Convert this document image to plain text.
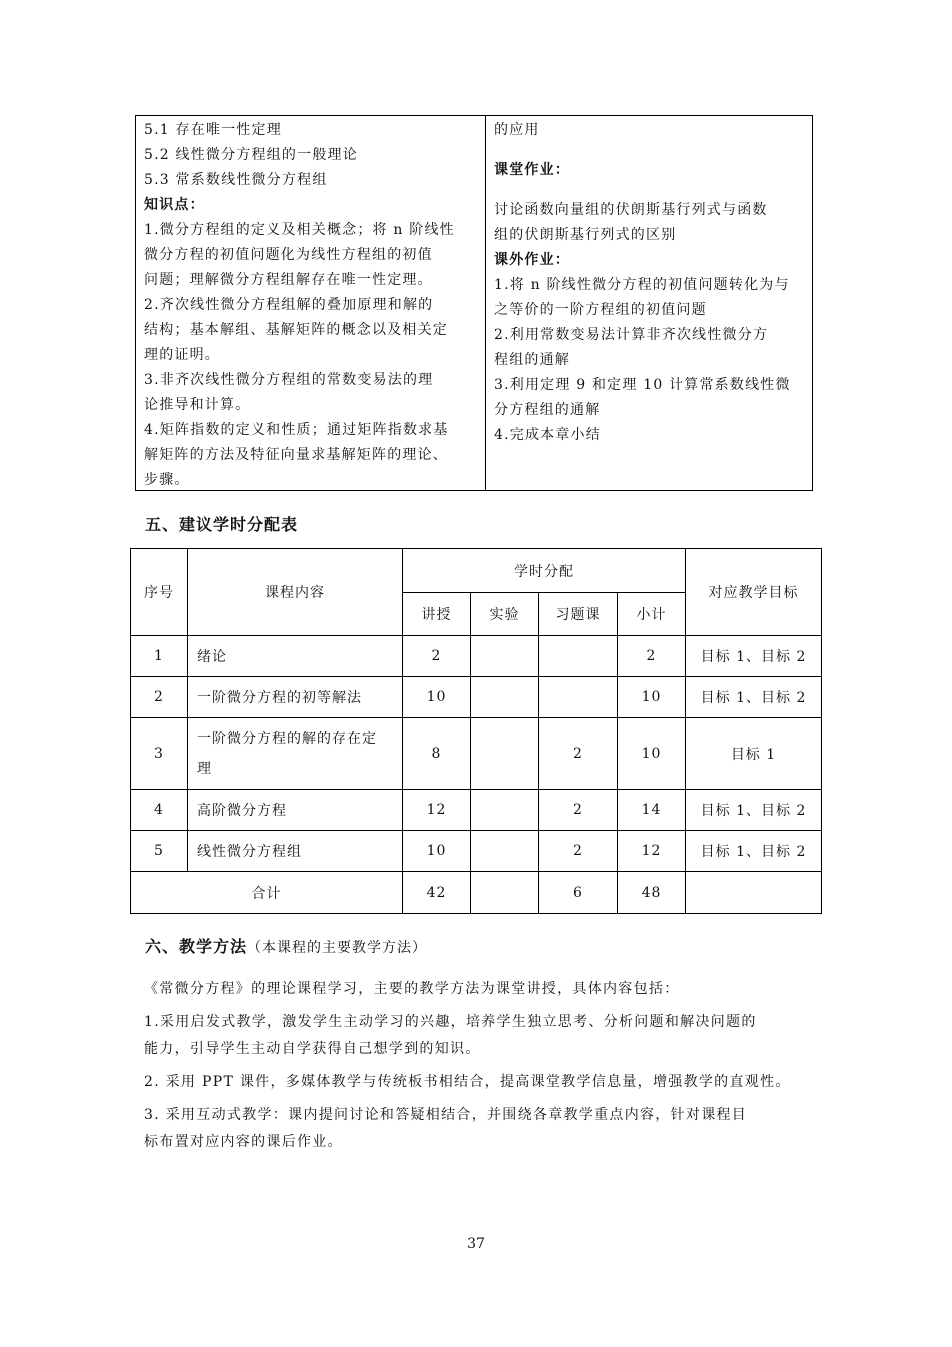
5.1 存在唯一性定理
5.2 线性微分方程组的一般理论
5.3 常系数线性微分方程组
知识点：
1.微分方程组的定义及相关概念；将 n 阶线性
微分方程的初值问题化为线性方程组的初值
问题；理解微分方程组解存在唯一性定理。
2.齐次线性微分方程组解的叠加原理和解的
结构；基本解组、基解矩阵的概念以及相关定
理的证明。
3.非齐次线性微分方程组的常数变易法的理
论推导和计算。
4.矩阵指数的定义和性质；通过矩阵指数求基
解矩阵的方法及特征向量求基解矩阵的理论、
步骤。
的应用
课堂作业：
讨论函数向量组的伏朗斯基行列式与函数
组的伏朗斯基行列式的区别
课外作业：
1.将 n 阶线性微分方程的初值问题转化为与
之等价的一阶方程组的初值问题
2.利用常数变易法计算非齐次线性微分方
程组的通解
3.利用定理 9 和定理 10 计算常系数线性微
分方程组的通解
4.完成本章小结
五、建议学时分配表
序号	课程内容	学时分配				对应教学目标
		讲授	实验	习题课	小计	
1	绪论	2			2	目标 1、目标 2
2	一阶微分方程的初等解法	10			10	目标 1、目标 2
3	一阶微分方程的解的存在定理	8		2	10	目标 1
4	高阶微分方程	12		2	14	目标 1、目标 2
5	线性微分方程组	10		2	12	目标 1、目标 2
合计		42		6	48	
六、教学方法（本课程的主要教学方法）
《常微分方程》的理论课程学习，主要的教学方法为课堂讲授，具体内容包括：
1.采用启发式教学，激发学生主动学习的兴趣，培养学生独立思考、分析问题和解决问题的
能力，引导学生主动自学获得自己想学到的知识。
2. 采用 PPT 课件，多媒体教学与传统板书相结合，提高课堂教学信息量，增强教学的直观性。
3. 采用互动式教学：课内提问讨论和答疑相结合，并围绕各章教学重点内容，针对课程目
标布置对应内容的课后作业。
37
